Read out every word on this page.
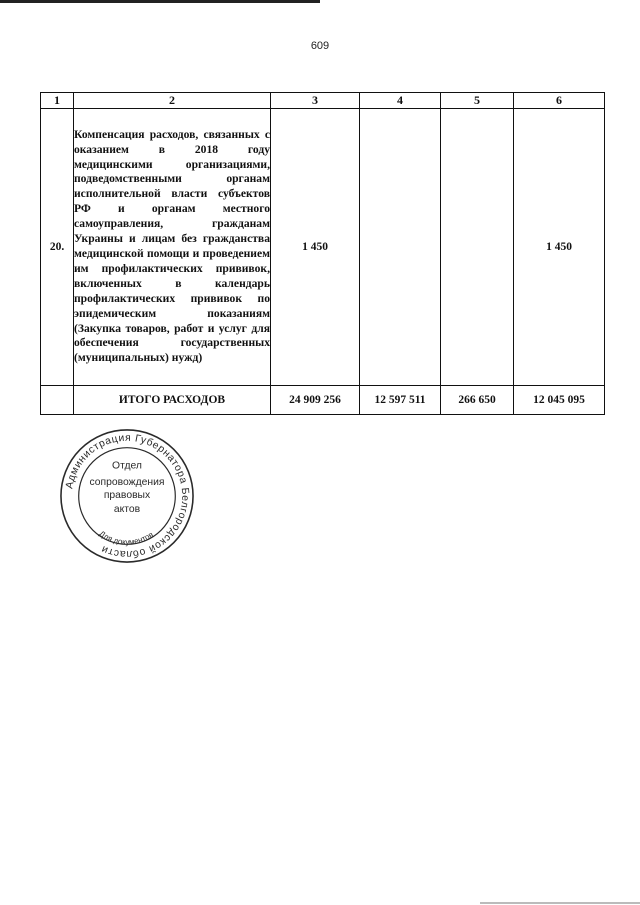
609
1	2	3	4	5	6
20.	Компенсация расходов, связанных с оказанием в 2018 году медицинскими организациями, подведомственными органам исполнительной власти субъектов РФ и органам местного самоуправления, гражданам Украины и лицам без гражданства медицинской помощи и проведением им профилактических прививок, включенных в календарь профилактических прививок по эпидемическим показаниям (Закупка товаров, работ и услуг для обеспечения государственных (муниципальных) нужд)	1 450			1 450
	ИТОГО РАСХОДОВ	24 909 256	12 597 511	266 650	12 045 095
Администрация Губернатора Белгородской области
Отдел
сопровождения
правовых
актов
Для документов
